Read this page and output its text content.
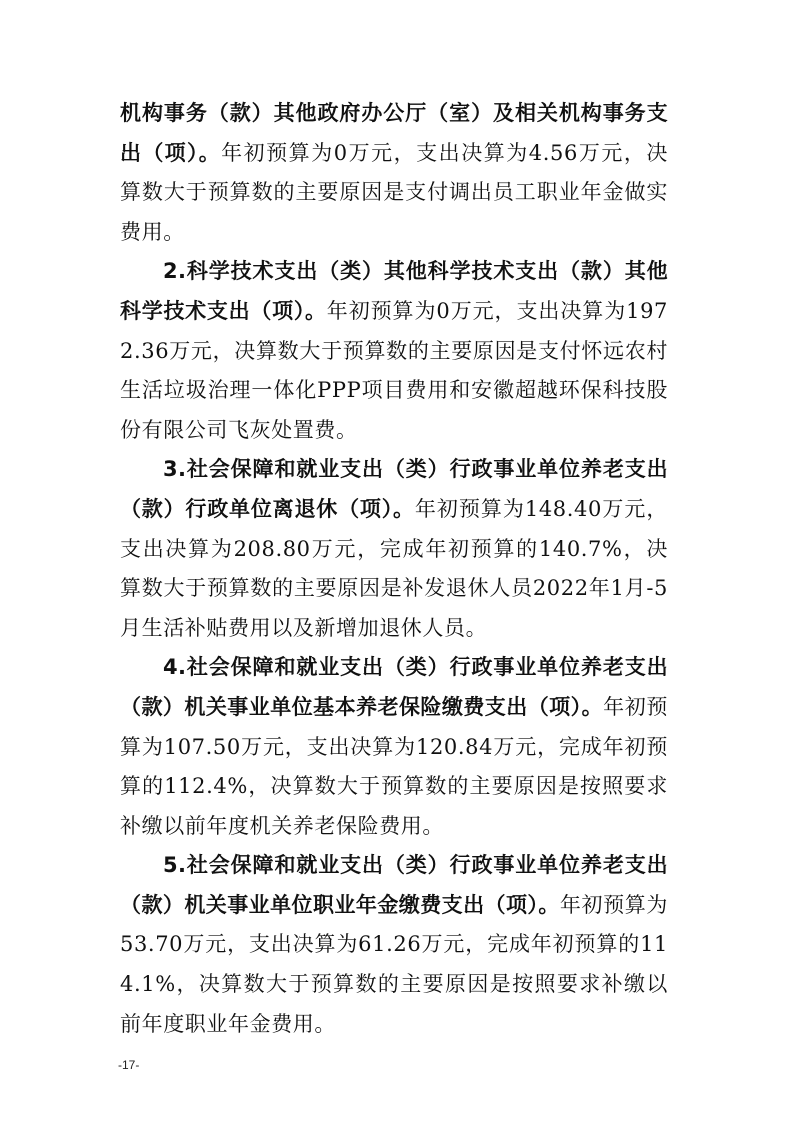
机构事务（款）其他政府办公厅（室）及相关机构事务支出（项）。年初预算为0万元，支出决算为4.56万元，决算数大于预算数的主要原因是支付调出员工职业年金做实费用。

2.科学技术支出（类）其他科学技术支出（款）其他科学技术支出（项）。年初预算为0万元，支出决算为1972.36万元，决算数大于预算数的主要原因是支付怀远农村生活垃圾治理一体化PPP项目费用和安徽超越环保科技股份有限公司飞灰处置费。

3.社会保障和就业支出（类）行政事业单位养老支出（款）行政单位离退休（项）。年初预算为148.40万元，支出决算为208.80万元，完成年初预算的140.7%，决算数大于预算数的主要原因是补发退休人员2022年1月-5月生活补贴费用以及新增加退休人员。

4.社会保障和就业支出（类）行政事业单位养老支出（款）机关事业单位基本养老保险缴费支出（项）。年初预算为107.50万元，支出决算为120.84万元，完成年初预算的112.4%，决算数大于预算数的主要原因是按照要求补缴以前年度机关养老保险费用。

5.社会保障和就业支出（类）行政事业单位养老支出（款）机关事业单位职业年金缴费支出（项）。年初预算为53.70万元，支出决算为61.26万元，完成年初预算的114.1%，决算数大于预算数的主要原因是按照要求补缴以前年度职业年金费用。

-17-
